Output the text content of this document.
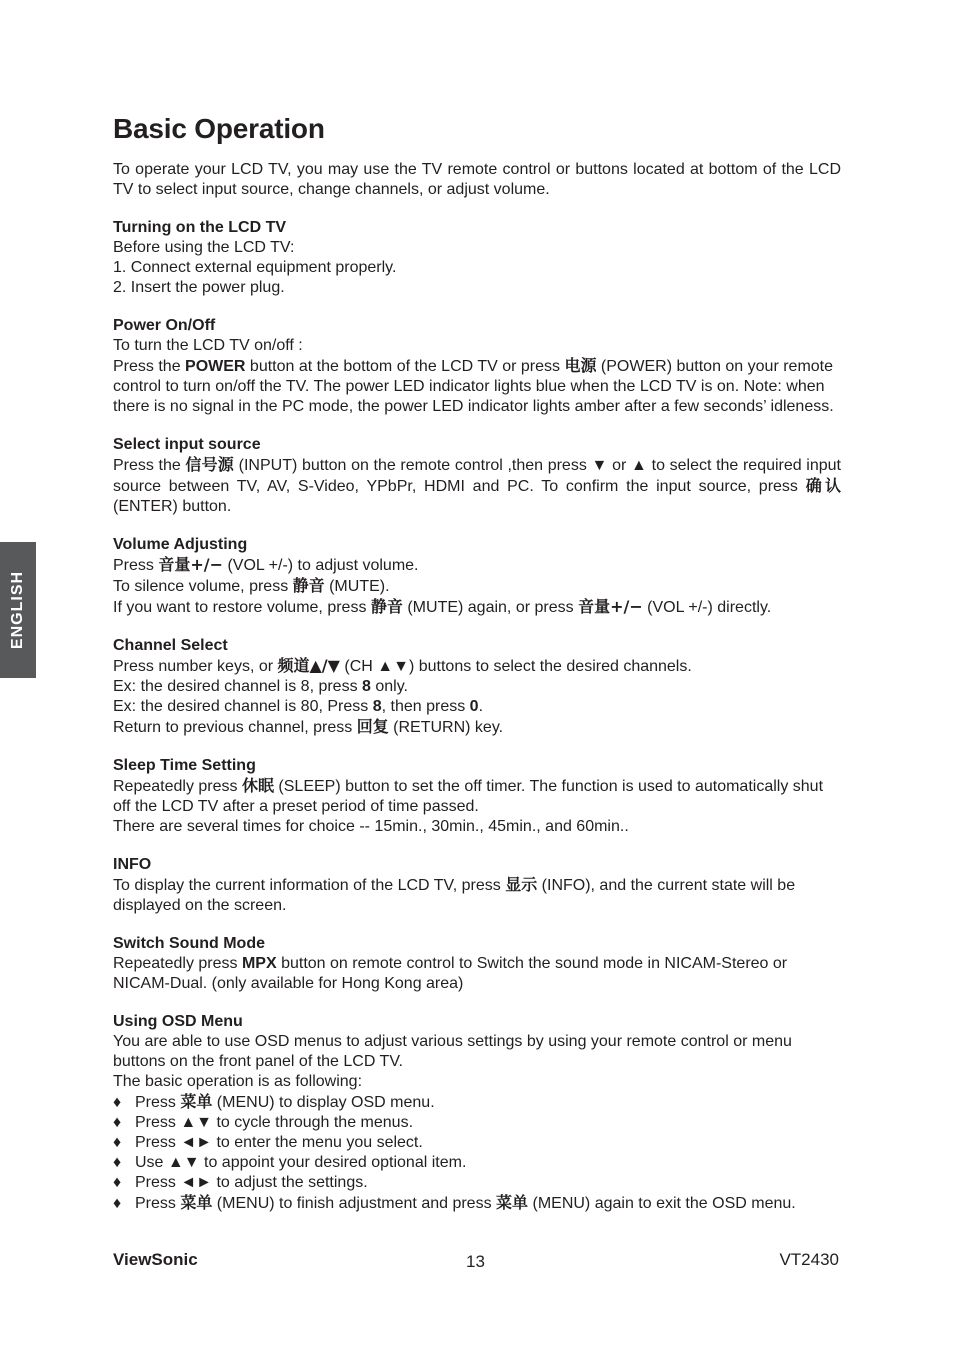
ENGLISH
Basic Operation

To operate your LCD TV, you may use the TV remote control or buttons located at bottom of the LCD TV to select input source, change channels, or adjust volume.

Turning on the LCD TV

Before using the LCD TV:

1. Connect external equipment properly.

2. Insert the power plug.

Power On/Off

To turn the LCD TV on/off :

Press the POWER button at the bottom of the LCD TV or press 电源 (POWER) button on your remote control to turn on/off the TV. The power LED indicator lights blue when the LCD TV is on. Note: when there is no signal in the PC mode, the power LED indicator lights amber after a few seconds’ idleness.

Select input source

Press the 信号源 (INPUT) button on the remote control ,then press ▼ or ▲ to select the required input source between TV, AV, S-Video, YPbPr, HDMI and PC. To confirm the input source, press 确认 (ENTER) button.

Volume Adjusting

Press 音量+/− (VOL +/-) to adjust volume.

To silence volume, press 静音 (MUTE).

If you want to restore volume, press 静音 (MUTE) again, or press 音量+/− (VOL +/-) directly.

Channel Select

Press number keys, or 频道▲/▼ (CH ▲▼) buttons to select the desired channels.

Ex: the desired channel is 8, press 8 only.

Ex: the desired channel is 80, Press 8, then press 0.

Return to previous channel, press 回复 (RETURN) key.

Sleep Time Setting

Repeatedly press 休眠 (SLEEP) button to set the off timer. The function is used to automatically shut off the LCD TV after a preset period of time passed.

There are several times for choice -- 15min., 30min., 45min., and 60min..

INFO

To display the current information of the LCD TV, press 显示 (INFO), and the current state will be displayed on the screen.

Switch Sound Mode

Repeatedly press MPX button on remote control to Switch the sound mode in NICAM-Stereo or NICAM-Dual. (only available for Hong Kong area)

Using OSD Menu

You are able to use OSD menus to adjust various settings by using your remote control or menu buttons on the front panel of the LCD TV.

The basic operation is as following:

♦ Press 菜单 (MENU) to display OSD menu.

♦ Press ▲▼ to cycle through the menus.

♦ Press ◄► to enter the menu you select.

♦ Use ▲▼ to appoint your desired optional item.

♦ Press ◄► to adjust the settings.

♦ Press 菜单 (MENU) to finish adjustment and press 菜单 (MENU) again to exit the OSD menu.

ViewSonic	13	VT2430
